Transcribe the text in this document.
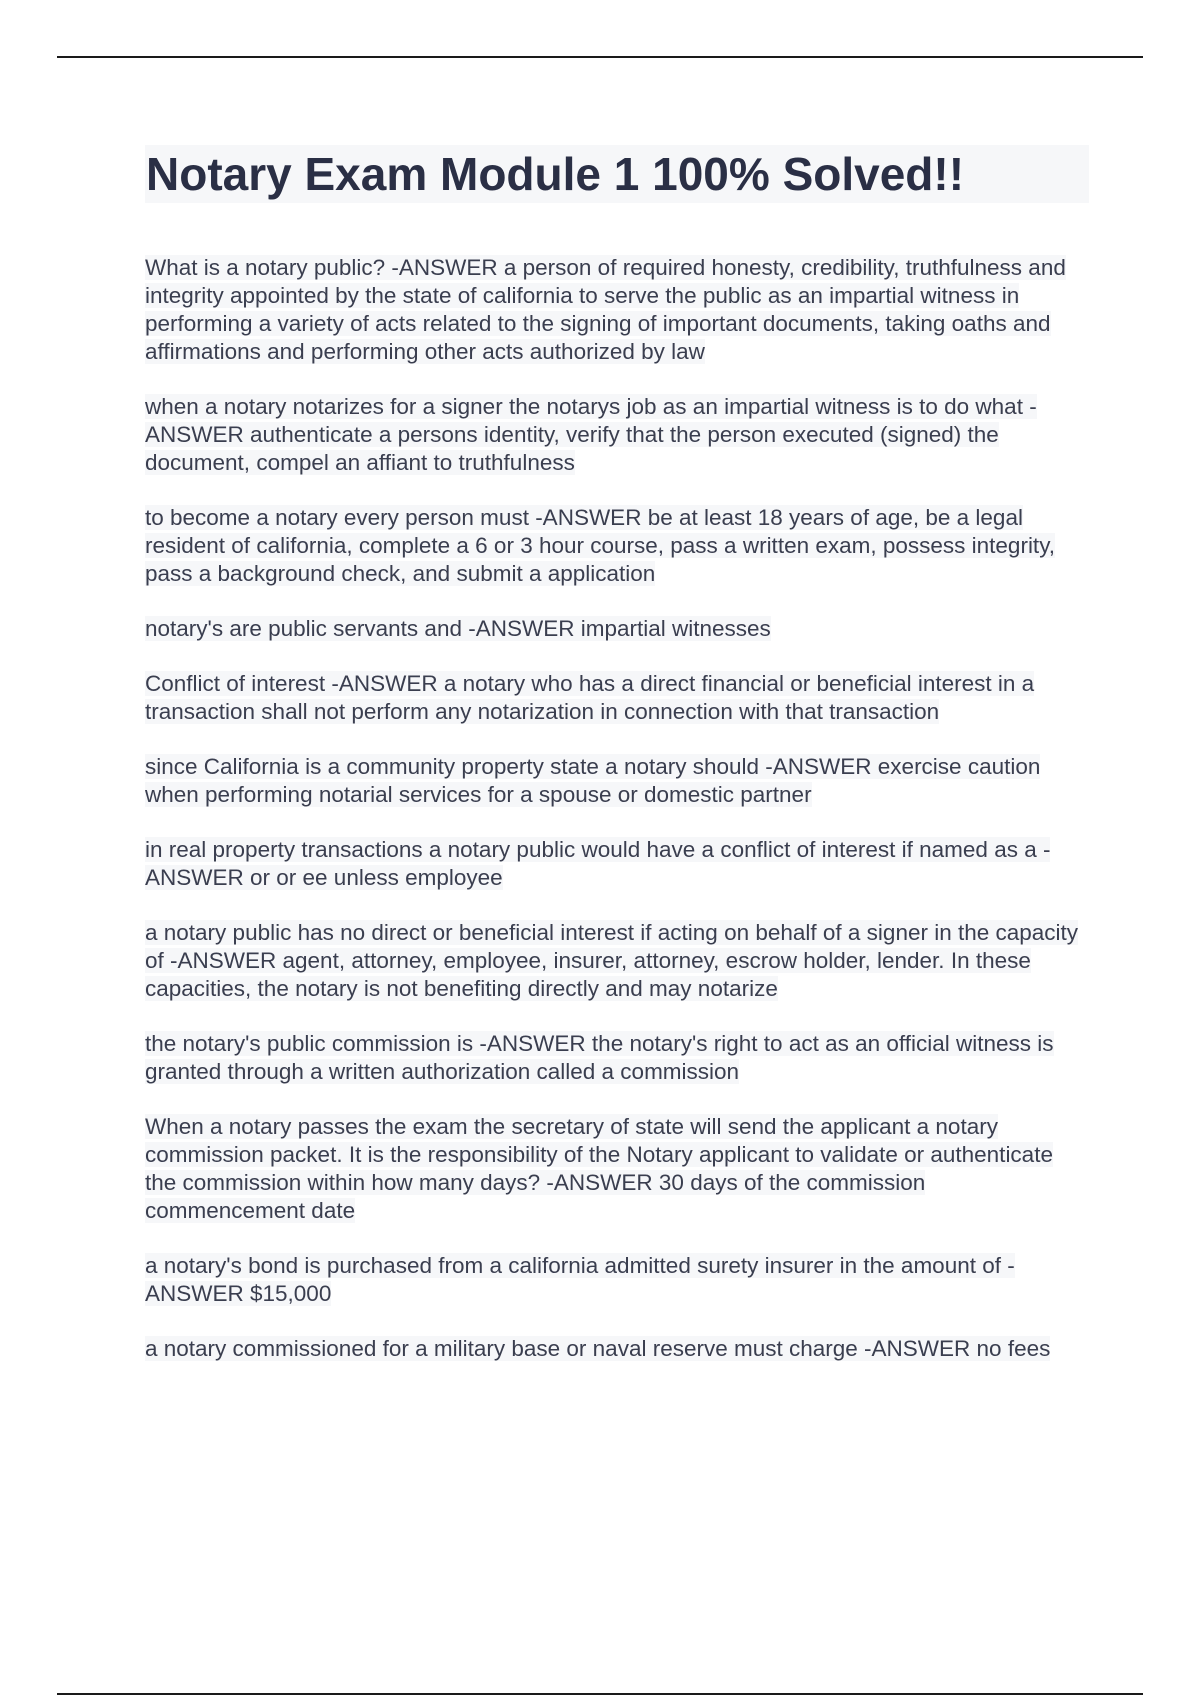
Notary Exam Module 1 100% Solved!!

What is a notary public? -ANSWER a person of required honesty, credibility, truthfulness and integrity appointed by the state of california to serve the public as an impartial witness in performing a variety of acts related to the signing of important documents, taking oaths and affirmations and performing other acts authorized by law

when a notary notarizes for a signer the notarys job as an impartial witness is to do what -ANSWER authenticate a persons identity, verify that the person executed (signed) the document, compel an affiant to truthfulness

to become a notary every person must -ANSWER be at least 18 years of age, be a legal resident of california, complete a 6 or 3 hour course, pass a written exam, possess integrity, pass a background check, and submit a application

notary's are public servants and -ANSWER impartial witnesses

Conflict of interest -ANSWER a notary who has a direct financial or beneficial interest in a transaction shall not perform any notarization in connection with that transaction

since California is a community property state a notary should -ANSWER exercise caution when performing notarial services for a spouse or domestic partner

in real property transactions a notary public would have a conflict of interest if named as a -ANSWER or or ee unless employee

a notary public has no direct or beneficial interest if acting on behalf of a signer in the capacity of -ANSWER agent, attorney, employee, insurer, attorney, escrow holder, lender. In these capacities, the notary is not benefiting directly and may notarize

the notary's public commission is -ANSWER the notary's right to act as an official witness is granted through a written authorization called a commission

When a notary passes the exam the secretary of state will send the applicant a notary commission packet. It is the responsibility of the Notary applicant to validate or authenticate the commission within how many days? -ANSWER 30 days of the commission commencement date

a notary's bond is purchased from a california admitted surety insurer in the amount of -ANSWER $15,000

a notary commissioned for a military base or naval reserve must charge -ANSWER no fees
